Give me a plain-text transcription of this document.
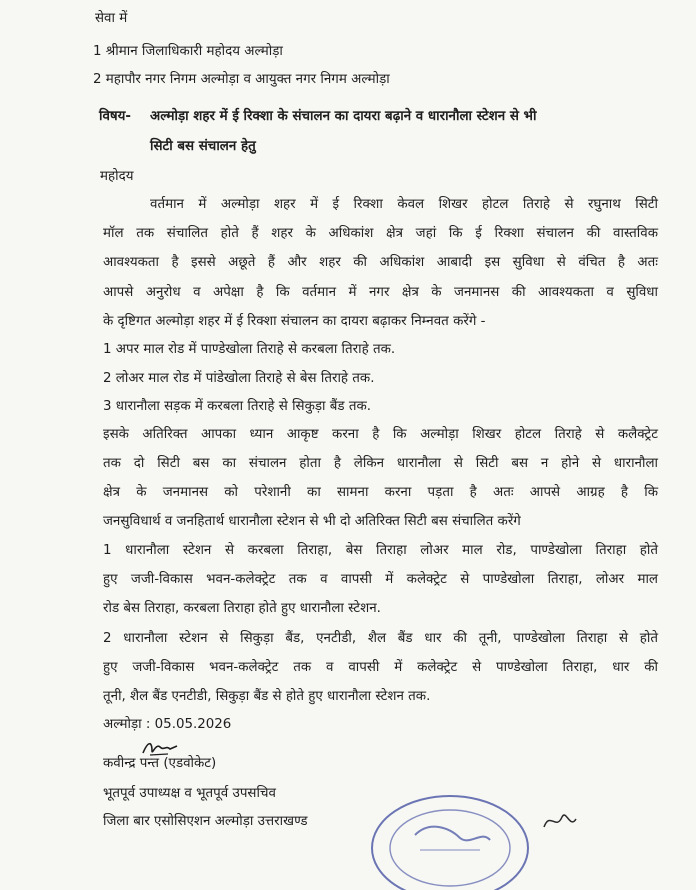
सेवा में
1 श्रीमान जिलाधिकारी महोदय अल्मोड़ा
2 महापौर नगर निगम अल्मोड़ा व आयुक्त नगर निगम अल्मोड़ा
विषय- अल्मोड़ा शहर में ई रिक्शा के संचालन का दायरा बढ़ाने व धारानौला स्टेशन से भी
सिटी बस संचालन हेतु
महोदय
वर्तमान में अल्मोड़ा शहर में ई रिक्शा केवल शिखर होटल तिराहे से रघुनाथ सिटी
मॉल तक संचालित होते हैं शहर के अधिकांश क्षेत्र जहां कि ई रिक्शा संचालन की वास्तविक
आवश्यकता है इससे अछूते हैं और शहर की अधिकांश आबादी इस सुविधा से वंचित है अतः
आपसे अनुरोध व अपेक्षा है कि वर्तमान में नगर क्षेत्र के जनमानस की आवश्यकता व सुविधा
के दृष्टिगत अल्मोड़ा शहर में ई रिक्शा संचालन का दायरा बढ़ाकर निम्नवत करेंगे -
1 अपर माल रोड में पाण्डेखोला तिराहे से करबला तिराहे तक.
2 लोअर माल रोड में पांडेखोला तिराहे से बेस तिराहे तक.
3 धारानौला सड़क में करबला तिराहे से सिकुड़ा बैंड तक.
इसके अतिरिक्त आपका ध्यान आकृष्ट करना है कि अल्मोड़ा शिखर होटल तिराहे से कलैक्ट्रेट
तक दो सिटी बस का संचालन होता है लेकिन धारानौला से सिटी बस न होने से धारानौला
क्षेत्र के जनमानस को परेशानी का सामना करना पड़ता है अतः आपसे आग्रह है कि
जनसुविधार्थ व जनहितार्थ धारानौला स्टेशन से भी दो अतिरिक्त सिटी बस संचालित करेंगे
1 धारानौला स्टेशन से करबला तिराहा, बेस तिराहा लोअर माल रोड, पाण्डेखोला तिराहा होते
हुए जजी-विकास भवन-कलेक्ट्रेट तक व वापसी में कलेक्ट्रेट से पाण्डेखोला तिराहा, लोअर माल
रोड बेस तिराहा, करबला तिराहा होते हुए धारानौला स्टेशन.
2 धारानौला स्टेशन से सिकुड़ा बैंड, एनटीडी, शैल बैंड धार की तूनी, पाण्डेखोला तिराहा से होते
हुए जजी-विकास भवन-कलेक्ट्रेट तक व वापसी में कलेक्ट्रेट से पाण्डेखोला तिराहा, धार की
तूनी, शैल बैंड एनटीडी, सिकुड़ा बैंड से होते हुए धारानौला स्टेशन तक.
अल्मोड़ा : 05.05.2026
कवीन्द्र पन्त (एडवोकेट)
भूतपूर्व उपाध्यक्ष व भूतपूर्व उपसचिव
जिला बार एसोसिएशन अल्मोड़ा उत्तराखण्ड
